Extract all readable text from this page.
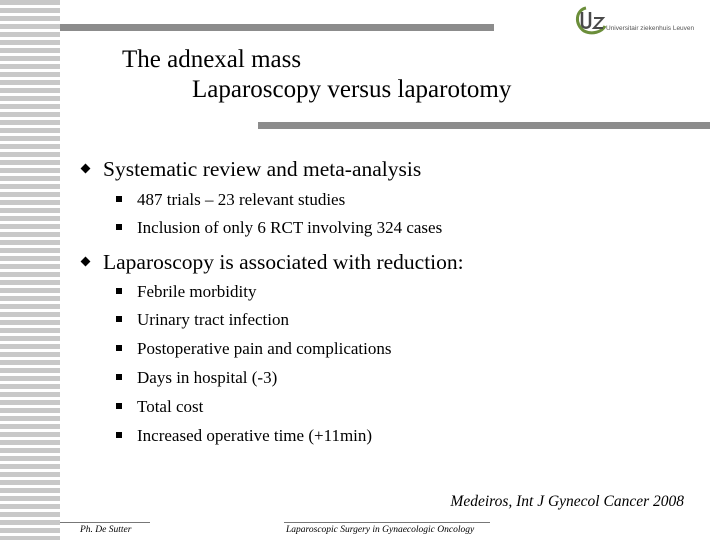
Universitair ziekenhuis Leuven
The adnexal mass
Laparoscopy versus laparotomy
Systematic review and meta-analysis
487 trials – 23 relevant studies
Inclusion of only 6 RCT involving 324 cases
Laparoscopy is associated with reduction:
Febrile morbidity
Urinary tract infection
Postoperative pain and complications
Days in hospital (-3)
Total cost
Increased operative time (+11min)
Medeiros, Int J Gynecol Cancer 2008
Ph. De Sutter	Laparoscopic Surgery in Gynaecologic Oncology
